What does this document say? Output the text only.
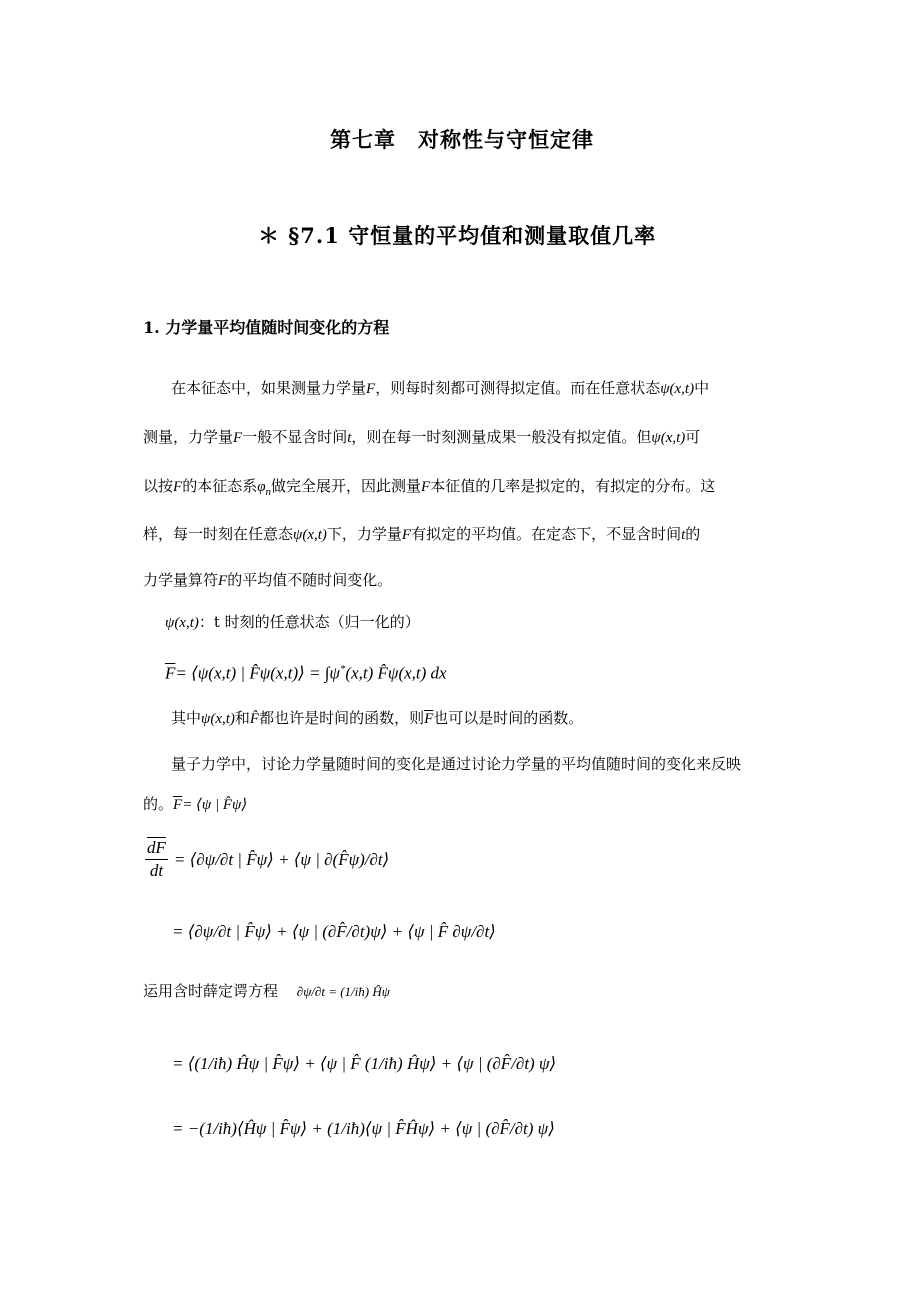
第七章　对称性与守恒定律
＊ §7.1 守恒量的平均值和测量取值几率
1. 力学量平均值随时间变化的方程
在本征态中，如果测量力学量F，则每时刻都可测得拟定值。而在任意状态ψ(x,t)中
测量，力学量F一般不显含时间t，则在每一时刻测量成果一般没有拟定值。但ψ(x,t)可
以按F的本征态系$\varphi_n$做完全展开，因此测量F本征值的几率是拟定的，有拟定的分布。这
样，每一时刻在任意态ψ(x,t)下，力学量F有拟定的平均值。在定态下，不显含时间t的
力学量算符F的平均值不随时间变化。
ψ(x,t)：t 时刻的任意状态（归一化的）
$\overline{F}=$ ⟨ψ(x,t) | F̂ψ(x,t)⟩ = ∫ψ*(x,t) F̂ψ(x,t) dx
其中ψ(x,t)和F̂都也许是时间的函数，则$\overline{F}$也可以是时间的函数。
量子力学中，讨论力学量随时间的变化是通过讨论力学量的平均值随时间的变化来反映
的。$\overline{F}=$ ⟨ψ | F̂ψ⟩
$\frac{\overline{dF}}{dt}$ = ⟨∂ψ/∂t | F̂ψ⟩ + ⟨ψ | ∂(F̂ψ)/∂t⟩
= ⟨∂ψ/∂t | F̂ψ⟩ + ⟨ψ | (∂F̂/∂t)ψ⟩ + ⟨ψ | F̂ ∂ψ/∂t⟩
运用含时薛定谔方程 ∂ψ/∂t = (1/iħ) Ĥψ
= ⟨(1/iħ) Ĥψ | F̂ψ⟩ + ⟨ψ | F̂ (1/iħ) Ĥψ⟩ + ⟨ψ | (∂F̂/∂t) ψ⟩
= −(1/iħ)⟨Ĥψ | F̂ψ⟩ + (1/iħ)⟨ψ | F̂Ĥψ⟩ + ⟨ψ | (∂F̂/∂t) ψ⟩
